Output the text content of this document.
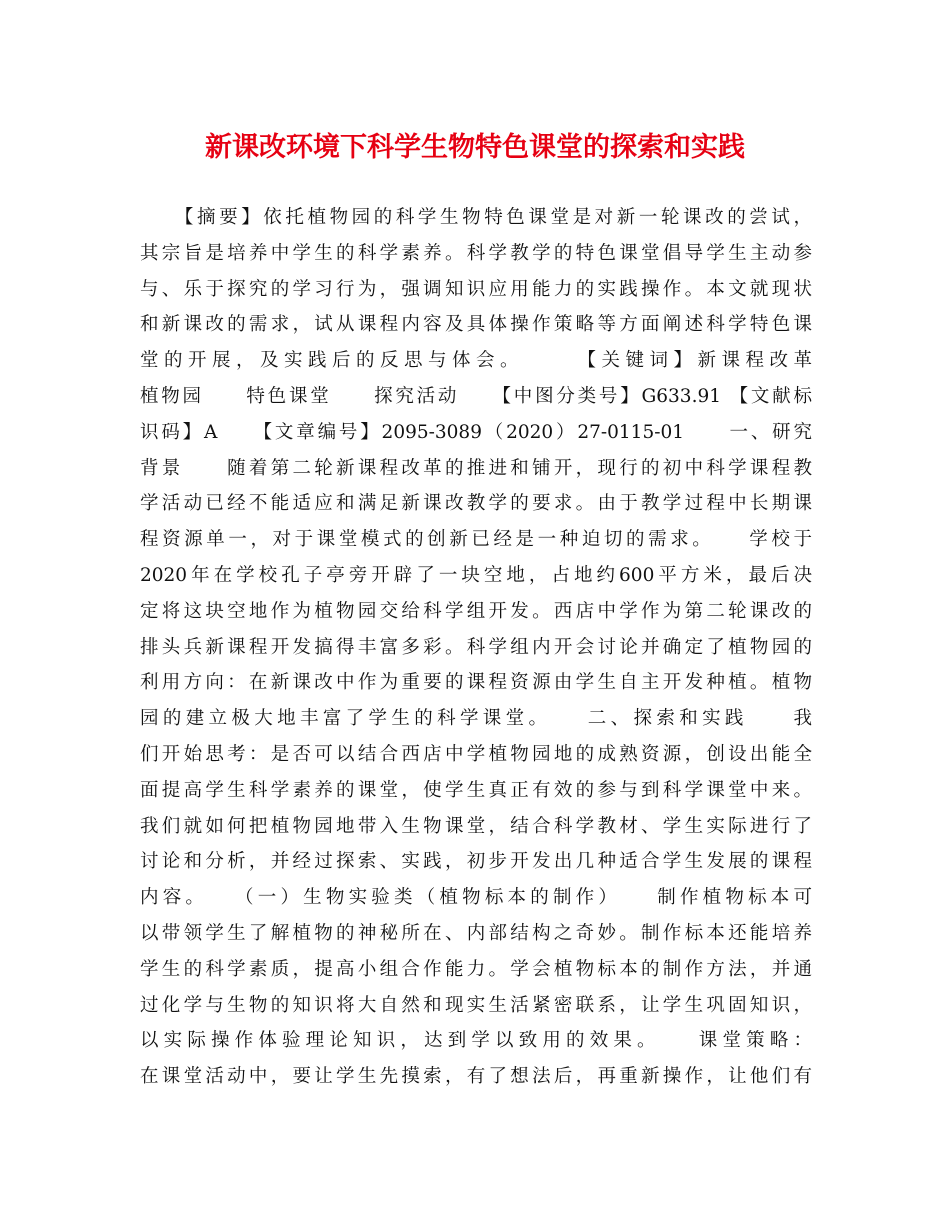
新课改环境下科学生物特色课堂的探索和实践
　　【摘要】依托植物园的科学生物特色课堂是对新一轮课改的尝试，
其宗旨是培养中学生的科学素养。科学教学的特色课堂倡导学生主动参
与、乐于探究的学习行为，强调知识应用能力的实践操作。本文就现状
和新课改的需求，试从课程内容及具体操作策略等方面阐述科学特色课
堂的开展，及实践后的反思与体会。　　　【关键词】新课程改革
植物园　　特色课堂　　探究活动　　【中图分类号】G633.91 【文献标
识码】A　　【文章编号】2095-3089（2020）27-0115-01　　一、研究
背景　　随着第二轮新课程改革的推进和铺开，现行的初中科学课程教
学活动已经不能适应和满足新课改教学的要求。由于教学过程中长期课
程资源单一，对于课堂模式的创新已经是一种迫切的需求。　　学校于
2020年在学校孔子亭旁开辟了一块空地，占地约600平方米，最后决
定将这块空地作为植物园交给科学组开发。西店中学作为第二轮课改的
排头兵新课程开发搞得丰富多彩。科学组内开会讨论并确定了植物园的
利用方向：在新课改中作为重要的课程资源由学生自主开发种植。植物
园的建立极大地丰富了学生的科学课堂。　　二、探索和实践　　我
们开始思考：是否可以结合西店中学植物园地的成熟资源，创设出能全
面提高学生科学素养的课堂，使学生真正有效的参与到科学课堂中来。
我们就如何把植物园地带入生物课堂，结合科学教材、学生实际进行了
讨论和分析，并经过探索、实践，初步开发出几种适合学生发展的课程
内容。　　（一）生物实验类（植物标本的制作）　　制作植物标本可
以带领学生了解植物的神秘所在、内部结构之奇妙。制作标本还能培养
学生的科学素质，提高小组合作能力。学会植物标本的制作方法，并通
过化学与生物的知识将大自然和现实生活紧密联系，让学生巩固知识，
以实际操作体验理论知识，达到学以致用的效果。　　课堂策略：
在课堂活动中，要让学生先摸索，有了想法后，再重新操作，让他们有
